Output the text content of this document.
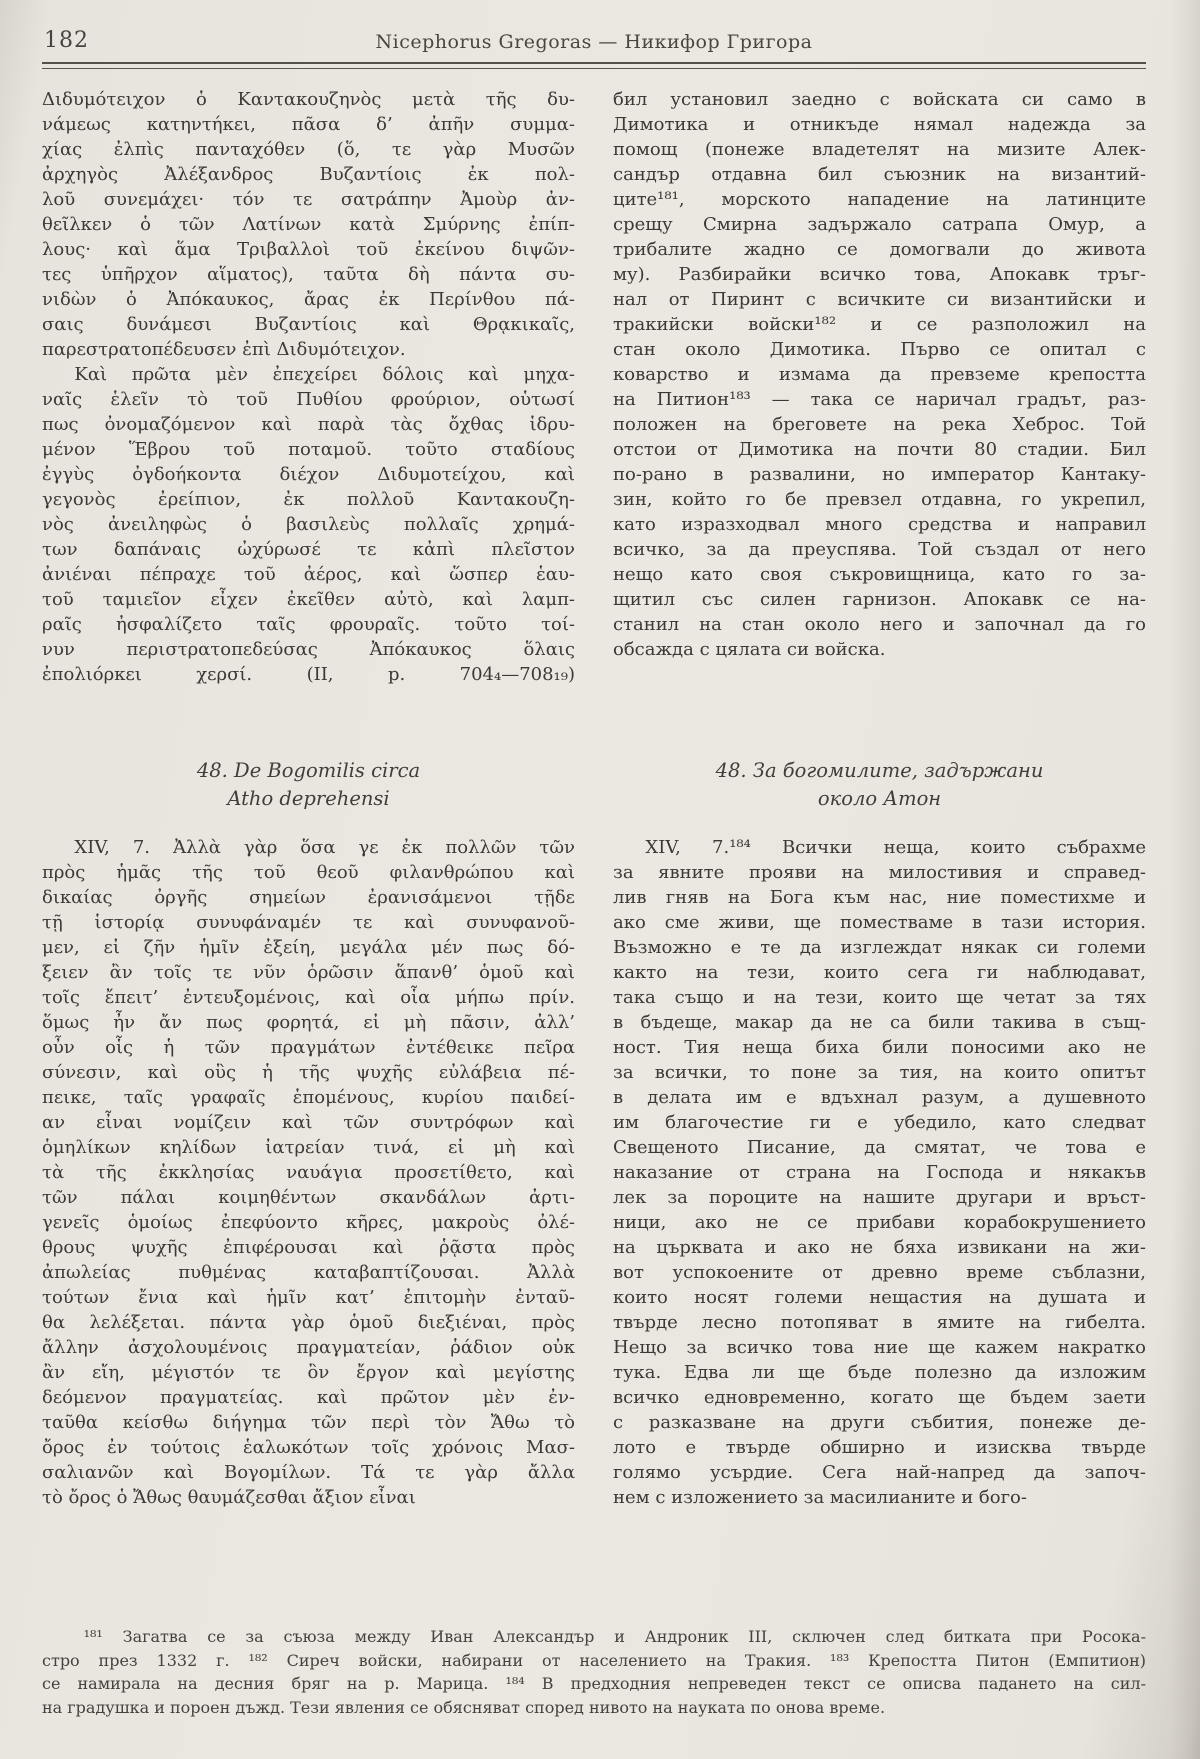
182	Nicephorus Gregoras — Никифор Григора
Διδυμότειχον ὁ Καντακουζηνὸς μετὰ τῆς δυ-
νάμεως κατηντήκει, πᾶσα δ’ ἀπῆν συμμα-
χίας ἐλπὶς πανταχόθεν (ὅ, τε γὰρ Μυσῶν
ἀρχηγὸς Ἀλέξανδρος Βυζαντίοις ἐκ πολ-
λοῦ συνεμάχει· τόν τε σατράπην Ἀμοὺρ ἀν-
θεῖλκεν ὁ τῶν Λατίνων κατὰ Σμύρνης ἐπίπ-
λους· καὶ ἅμα Τριβαλλοὶ τοῦ ἐκείνου διψῶν-
τες ὑπῆρχον αἵματος), ταῦτα δὴ πάντα συ-
νιδὼν ὁ Ἀπόκαυκος, ἄρας ἐκ Περίνθου πά-
σαις δυνάμεσι Βυζαντίοις καὶ Θρᾳκικαῖς,
παρεστρατοπέδευσεν ἐπὶ Διδυμότειχον.
Καὶ πρῶτα μὲν ἐπεχείρει δόλοις καὶ μηχα-
ναῖς ἑλεῖν τὸ τοῦ Πυθίου φρούριον, οὑτωσί
πως ὀνομαζόμενον καὶ παρὰ τὰς ὄχθας ἱδρυ-
μένον Ἕβρου τοῦ ποταμοῦ. τοῦτο σταδίους
ἐγγὺς ὀγδοήκοντα διέχον Διδυμοτείχου, καὶ
γεγονὸς ἐρείπιον, ἐκ πολλοῦ Καντακουζη-
νὸς ἀνειληφὼς ὁ βασιλεὺς πολλαῖς χρημά-
των δαπάναις ὠχύρωσέ τε κἀπὶ πλεῖστον
ἀνιέναι πέπραχε τοῦ ἀέρος, καὶ ὥσπερ ἑαυ-
τοῦ ταμιεῖον εἶχεν ἐκεῖθεν αὐτὸ, καὶ λαμπ-
ραῖς ἠσφαλίζετο ταῖς φρουραῖς. τοῦτο τοί-
νυν περιστρατοπεδεύσας Ἀπόκαυκος ὅλαις
ἐπολιόρκει χερσί. (II, p. 704₄—708₁₉)
48. De Bogomilis circa
Atho deprehensi
XIV, 7. Ἀλλὰ γὰρ ὅσα γε ἐκ πολλῶν τῶν
πρὸς ἡμᾶς τῆς τοῦ θεοῦ φιλανθρώπου καὶ
δικαίας ὀργῆς σημείων ἐρανισάμενοι τῇδε
τῇ ἱστορίᾳ συνυφάναμέν τε καὶ συνυφανοῦ-
μεν, εἰ ζῆν ἡμῖν ἐξείη, μεγάλα μέν πως δό-
ξειεν ἂν τοῖς τε νῦν ὁρῶσιν ἅπανθ’ ὁμοῦ καὶ
τοῖς ἔπειτ’ ἐντευξομένοις, καὶ οἷα μήπω πρίν.
ὅμως ἦν ἄν πως φορητά, εἰ μὴ πᾶσιν, ἀλλ’
οὖν οἷς ἡ τῶν πραγμάτων ἐντέθεικε πεῖρα
σύνεσιν, καὶ οὓς ἡ τῆς ψυχῆς εὐλάβεια πέ-
πεικε, ταῖς γραφαῖς ἑπομένους, κυρίου παιδεί-
αν εἶναι νομίζειν καὶ τῶν συντρόφων καὶ
ὁμηλίκων κηλίδων ἰατρείαν τινά, εἰ μὴ καὶ
τὰ τῆς ἐκκλησίας ναυάγια προσετίθετο, καὶ
τῶν πάλαι κοιμηθέντων σκανδάλων ἀρτι-
γενεῖς ὁμοίως ἐπεφύοντο κῆρες, μακροὺς ὀλέ-
θρους ψυχῆς ἐπιφέρουσαι καὶ ῥᾷστα πρὸς
ἀπωλείας πυθμένας καταβαπτίζουσαι. Ἀλλὰ
τούτων ἔνια καὶ ἡμῖν κατ’ ἐπιτομὴν ἐνταῦ-
θα λελέξεται. πάντα γὰρ ὁμοῦ διεξιέναι, πρὸς
ἄλλην ἀσχολουμένοις πραγματείαν, ῥάδιον οὐκ
ἂν εἴη, μέγιστόν τε ὂν ἔργον καὶ μεγίστης
δεόμενον πραγματείας. καὶ πρῶτον μὲν ἐν-
ταῦθα κείσθω διήγημα τῶν περὶ τὸν Ἄθω τὸ
ὄρος ἐν τούτοις ἑαλωκότων τοῖς χρόνοις Μασ-
σαλιανῶν καὶ Βογομίλων. Τά τε γὰρ ἄλλα
τὸ ὄρος ὁ Ἄθως θαυμάζεσθαι ἄξιον εἶναι
бил установил заедно с войската си само в
Димотика и отникъде нямал надежда за
помощ (понеже владетелят на мизите Алек-
сандър отдавна бил съюзник на византий-
ците¹⁸¹, морското нападение на латинците
срещу Смирна задържало сатрапа Омур, а
трибалите жадно се домогвали до живота
му). Разбирайки всичко това, Апокавк тръг-
нал от Пиринт с всичките си византийски и
тракийски войски¹⁸² и се разположил на
стан около Димотика. Първо се опитал с
коварство и измама да превземе крепостта
на Питион¹⁸³ — така се наричал градът, раз-
положен на бреговете на река Хеброс. Той
отстои от Димотика на почти 80 стадии. Бил
по-рано в развалини, но император Кантаку-
зин, който го бе превзел отдавна, го укрепил,
като изразходвал много средства и направил
всичко, за да преуспява. Той създал от него
нещо като своя съкровищница, като го за-
щитил със силен гарнизон. Апокавк се на-
станил на стан около него и започнал да го
обсажда с цялата си войска.
48. За богомилите, задържани
около Атон
XIV, 7.¹⁸⁴ Всички неща, които събрахме
за явните прояви на милостивия и справед-
лив гняв на Бога към нас, ние поместихме и
ако сме живи, ще поместваме в тази история.
Възможно е те да изглеждат някак си големи
както на тези, които сега ги наблюдават,
така също и на тези, които ще четат за тях
в бъдеще, макар да не са били такива в същ-
ност. Тия неща биха били поносими ако не
за всички, то поне за тия, на които опитът
в делата им е вдъхнал разум, а душевното
им благочестие ги е убедило, като следват
Свещеното Писание, да смятат, че това е
наказание от страна на Господа и някакъв
лек за пороците на нашите другари и връст-
ници, ако не се прибави корабокрушението
на църквата и ако не бяха извикани на жи-
вот успокоените от древно време съблазни,
които носят големи нещастия на душата и
твърде лесно потопяват в ямите на гибелта.
Нещо за всичко това ние ще кажем накратко
тука. Едва ли ще бъде полезно да изложим
всичко едновременно, когато ще бъдем заети
с разказване на други събития, понеже де-
лото е твърде обширно и изисква твърде
голямо усърдие. Сега най-напред да започ-
нем с изложението за масилианите и бого-
¹⁸¹ Загатва се за съюза между Иван Александър и Андроник III, сключен след битката при Росока-
стро през 1332 г. ¹⁸² Сиреч войски, набирани от населението на Тракия. ¹⁸³ Крепостта Питон (Емпитион)
се намирала на десния бряг на р. Марица. ¹⁸⁴ В предходния непреведен текст се описва падането на сил-
на градушка и пороен дъжд. Тези явления се обясняват според нивото на науката по онова време.
